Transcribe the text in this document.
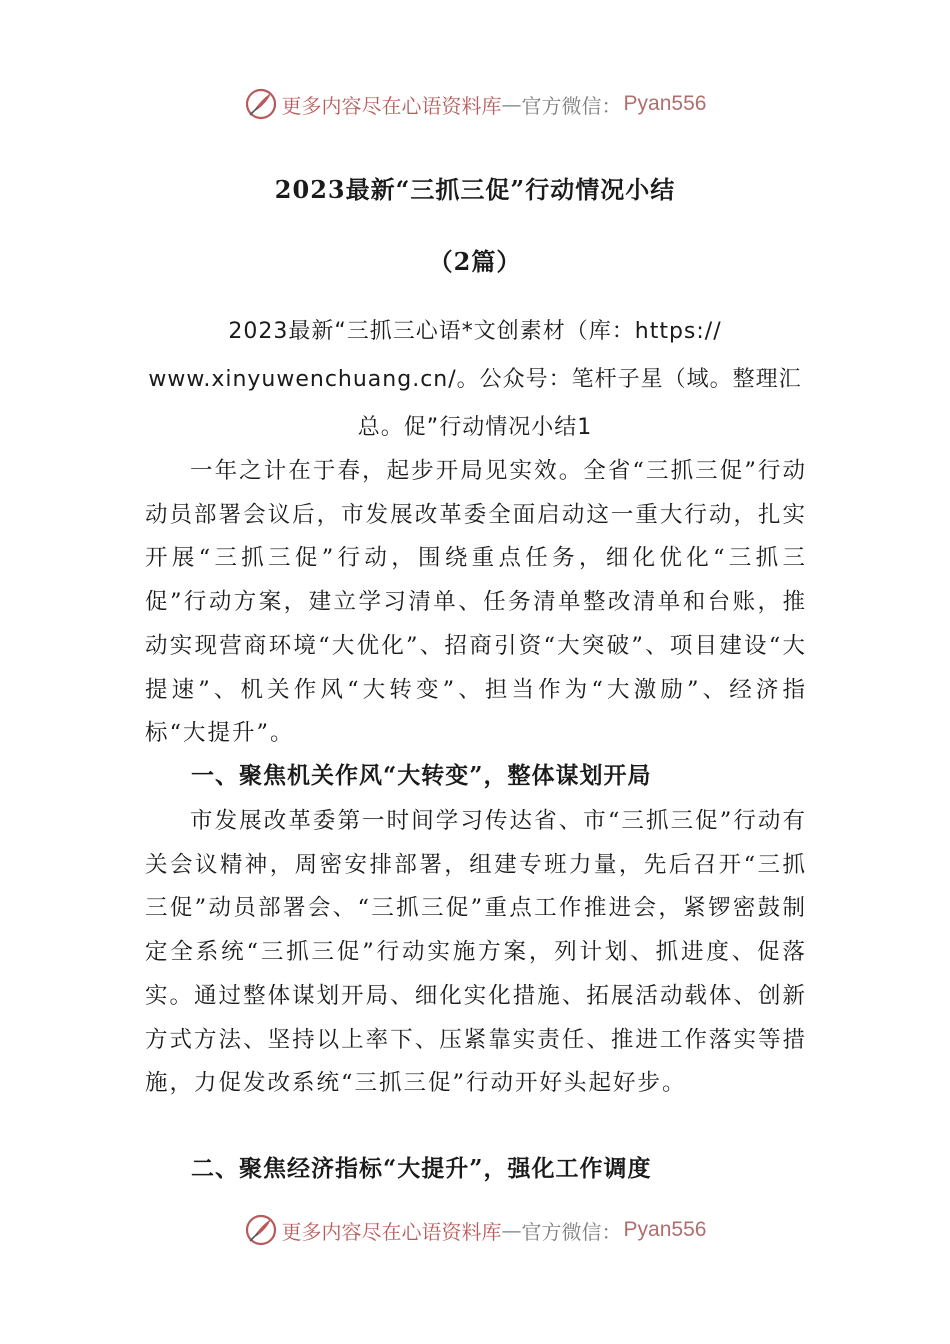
更多内容尽在心语资料库 — 官方微信： Pyan556
2023最新“三抓三促”行动情况小结
（2篇）
2023最新“三抓三心语*文创素材（库：https:// www.xinyuwenchuang.cn/。公众号：笔杆子星（域。整理汇总。促”行动情况小结1

一年之计在于春，起步开局见实效。全省“三抓三促”行动动员部署会议后，市发展改革委全面启动这一重大行动，扎实开展“三抓三促”行动，围绕重点任务，细化优化“三抓三促”行动方案，建立学习清单、任务清单整改清单和台账，推动实现营商环境“大优化”、招商引资“大突破”、项目建设“大提速”、机关作风“大转变”、担当作为“大激励”、经济指标“大提升”。

一、聚焦机关作风“大转变”，整体谋划开局

市发展改革委第一时间学习传达省、市“三抓三促”行动有关会议精神，周密安排部署，组建专班力量，先后召开“三抓三促”动员部署会、“三抓三促”重点工作推进会，紧锣密鼓制定全系统“三抓三促”行动实施方案，列计划、抓进度、促落实。通过整体谋划开局、细化实化措施、拓展活动载体、创新方式方法、坚持以上率下、压紧靠实责任、推进工作落实等措施，力促发改系统“三抓三促”行动开好头起好步。

二、聚焦经济指标“大提升”，强化工作调度

更多内容尽在心语资料库 — 官方微信： Pyan556
